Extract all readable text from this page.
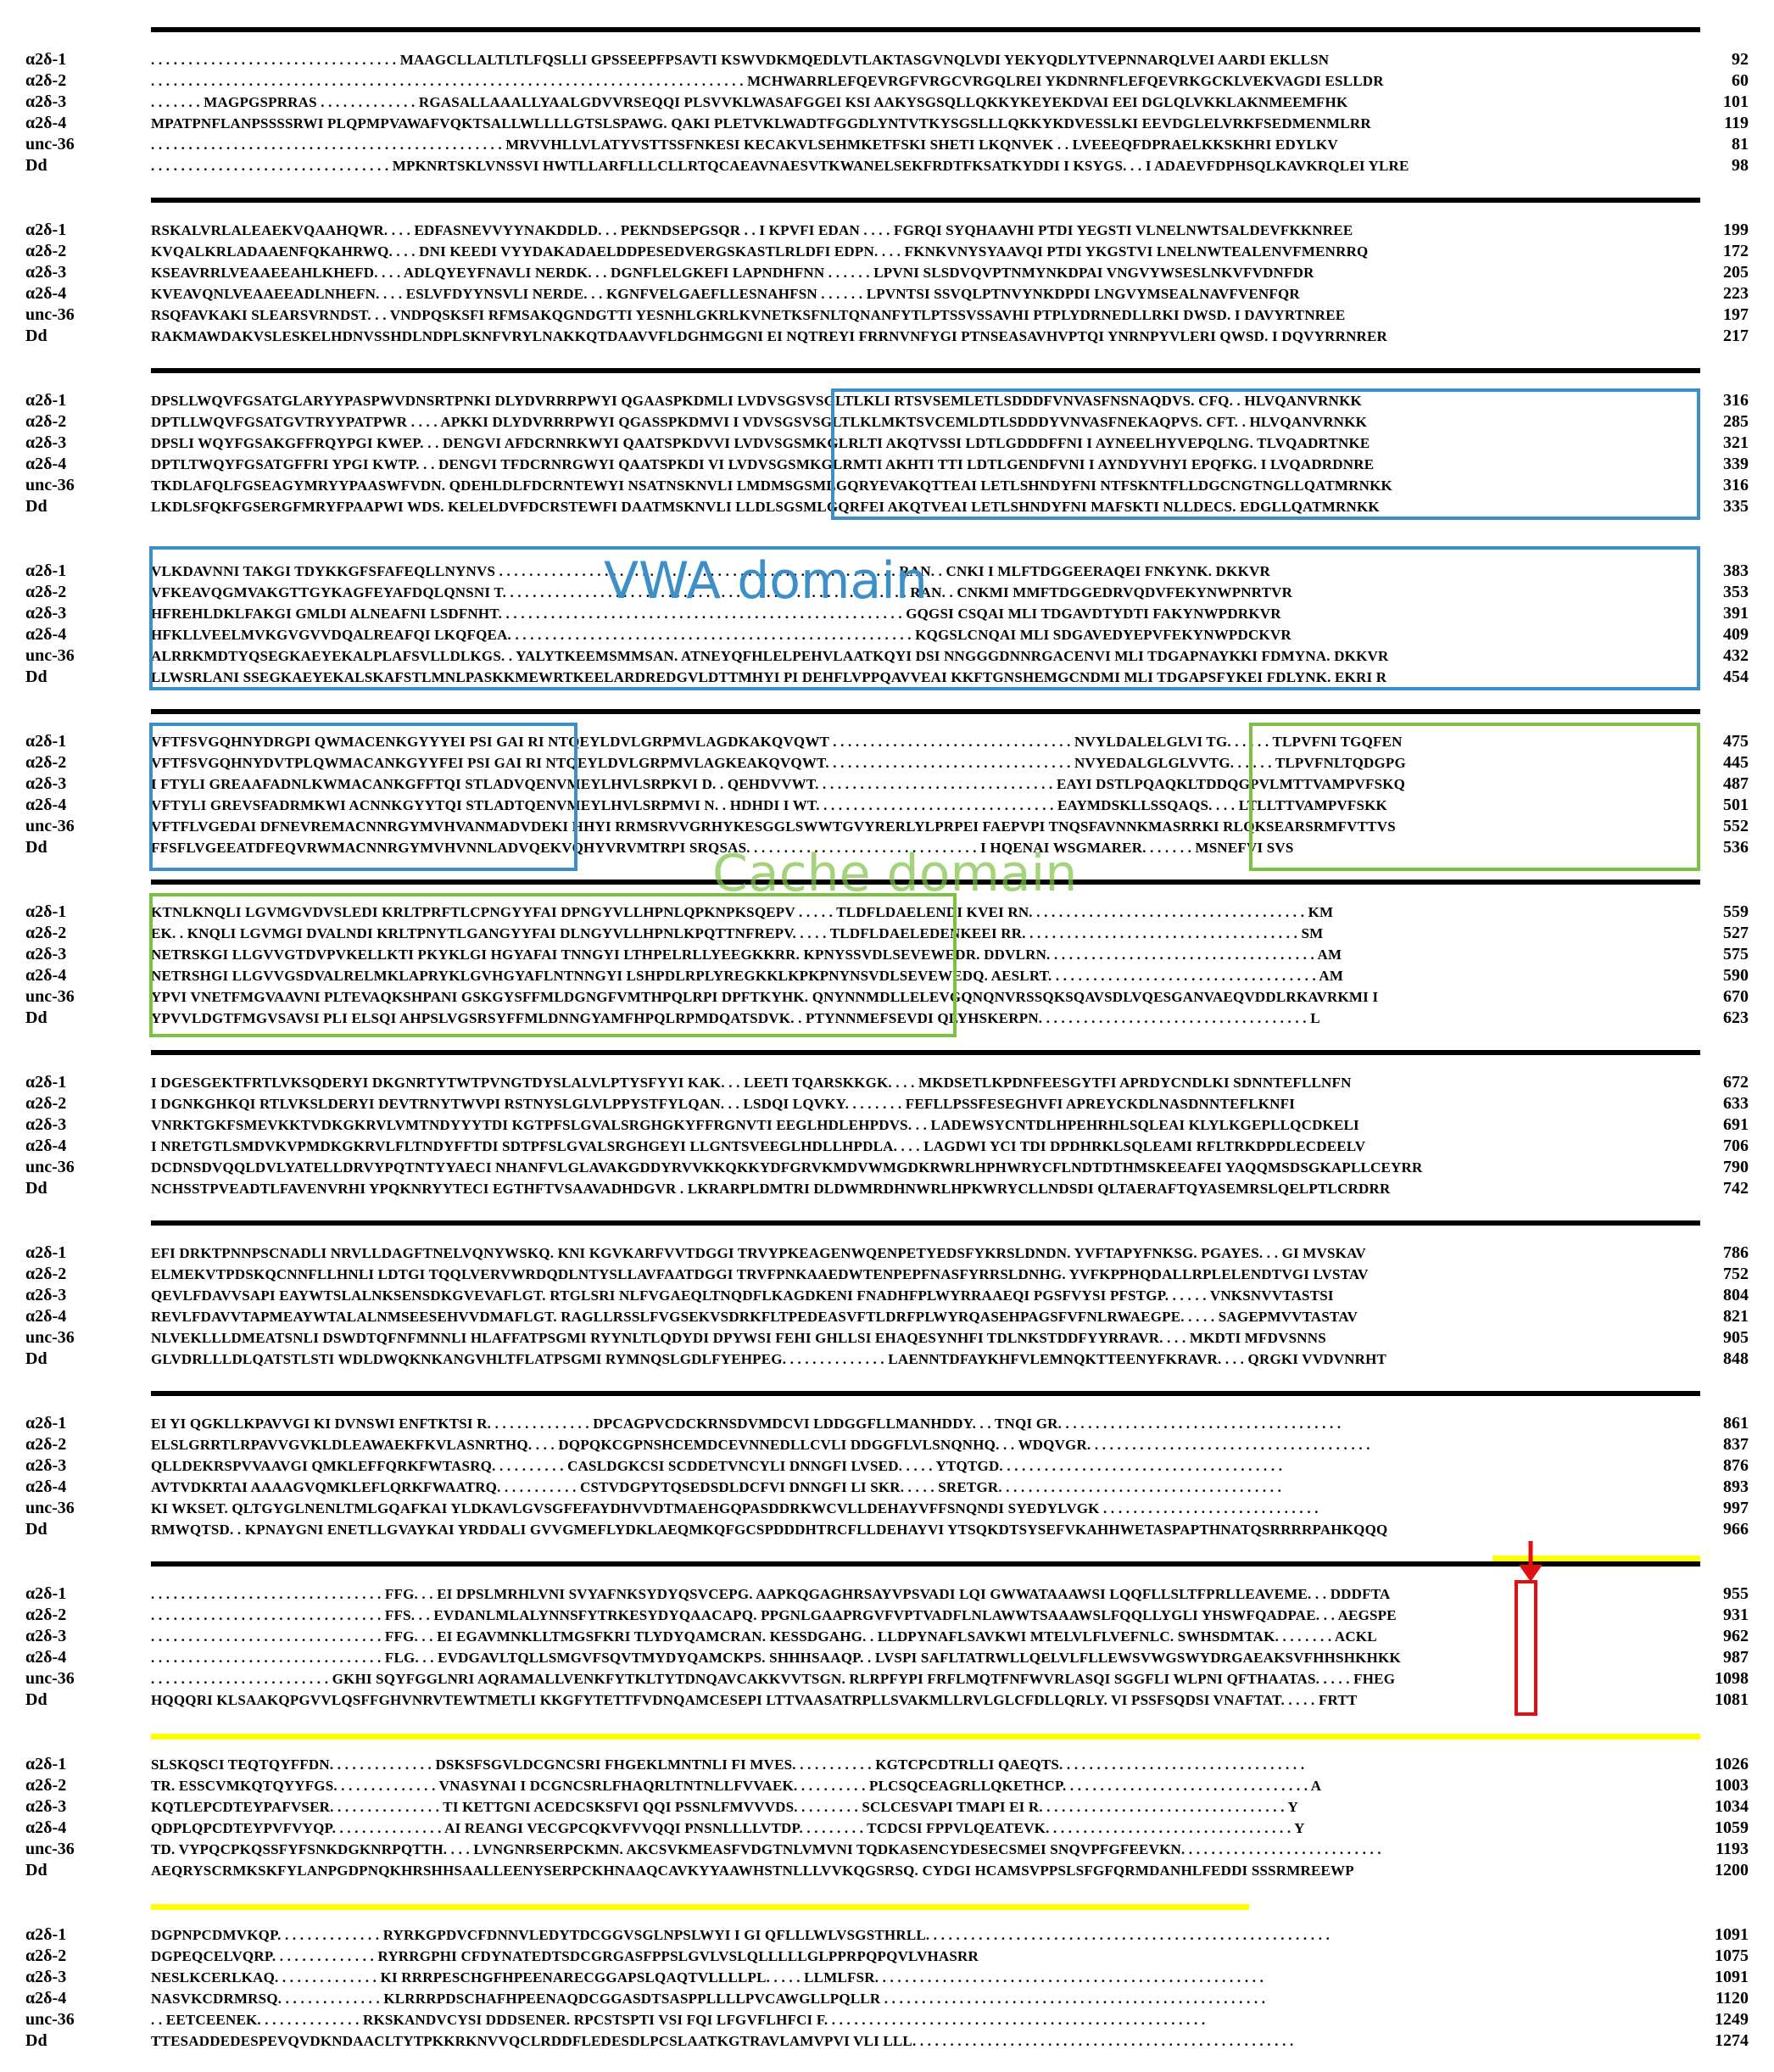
α2δ-1	. . . . . . . . . . . . . . . . . . . . . . . . . . . . . . . . . MAAGCLLALTLTLFQSLLI GPSSEEPFPSAVTI KSWVDKMQEDLVTLAKTASGVNQLVDI YEKYQDLYTVEPNNARQLVEI AARDI EKLLSN	92
α2δ-2	. . . . . . . . . . . . . . . . . . . . . . . . . . . . . . . . . . . . . . . . . . . . . . . . . . . . . . . . . . . . . . . . . . . . . . . . . . . . . . . MCHWARRLEFQEVRGFVRGCVRGQLREI YKDNRNFLEFQEVRKGCKLVEKVAGDI ESLLDR	60
α2δ-3	. . . . . . . MAGPGSPRRAS . . . . . . . . . . . . . RGASALLAAALLYAALGDVVRSEQQI PLSVVKLWASAFGGEI KSI AAKYSGSQLLQKKYKEYEKDVAI EEI DGLQLVKKLAKNMEEMFHK	101
α2δ-4	MPATPNFLANPSSSSRWI PLQPMPVAWAFVQKTSALLWLLLLGTSLSPAWG. QAKI PLETVKLWADTFGGDLYNTVTKYSGSLLLQKKYKDVESSLKI EEVDGLELVRKFSEDMENMLRR	119
unc-36	. . . . . . . . . . . . . . . . . . . . . . . . . . . . . . . . . . . . . . . . . . . . . . . MRVVHLLVLATYVSTTSSFNKESI KECAKVLSEHMKETFSKI SHETI LKQNVEK . . LVEEEQFDPRAELKKSKHRI EDYLKV	81
Dd	. . . . . . . . . . . . . . . . . . . . . . . . . . . . . . . . MPKNRTSKLVNSSVI HWTLLARFLLLCLLRTQCAEAVNAESVTKWANELSEKFRDTFKSATKYDDI I KSYGS. . . I ADAEVFDPHSQLKAVKRQLEI YLRE	98
α2δ-1	RSKALVRLALEAEKVQAAHQWR. . . . EDFASNEVVYYNAKDDLD. . . PEKNDSEPGSQR . . I KPVFI EDAN . . . . FGRQI SYQHAAVHI PTDI YEGSTI VLNELNWTSALDEVFKKNREE	199
α2δ-2	KVQALKRLADAAENFQKAHRWQ. . . . DNI KEEDI VYYDAKADAELDDPESEDVERGSKASTLRLDFI EDPN. . . . FKNKVNYSYAAVQI PTDI YKGSTVI LNELNWTEALENVFMENRRQ	172
α2δ-3	KSEAVRRLVEAAEEAHLKHEFD. . . . ADLQYEYFNAVLI NERDK. . . DGNFLELGKEFI LAPNDHFNN . . . . . . LPVNI SLSDVQVPTNMYNKDPAI VNGVYWSESLNKVFVDNFDR	205
α2δ-4	KVEAVQNLVEAAEEADLNHEFN. . . . ESLVFDYYNSVLI NERDE. . . KGNFVELGAEFLLESNAHFSN . . . . . . LPVNTSI SSVQLPTNVYNKDPDI LNGVYMSEALNAVFVENFQR	223
unc-36	RSQFAVKAKI SLEARSVRNDST. . . VNDPQSKSFI RFMSAKQGNDGTTI YESNHLGKRLKVNETKSFNLTQNANFYTLPTSSVSSAVHI PTPLYDRNEDLLRKI DWSD. I DAVYRTNREE	197
Dd	RAKMAWDAKVSLESKELHDNVSSHDLNDPLSKNFVRYLNAKKQTDAAVVFLDGHMGGNI EI NQTREYI FRRNVNFYGI PTNSEASAVHVPTQI YNRNPYVLERI QWSD. I DQVYRRNRER	217
α2δ-1	DPSLLWQVFGSATGLARYYPASPWVDNSRTPNKI DLYDVRRRPWYI QGAASPKDMLI LVDVSGSVSGLTLKLI RTSVSEMLETLSDDDFVNVASFNSNAQDVS. CFQ. . HLVQANVRNKK	316
α2δ-2	DPTLLWQVFGSATGVTRYYPATPWR . . . . APKKI DLYDVRRRPWYI QGASSPKDMVI I VDVSGSVSGLTLKLMKTSVCEMLDTLSDDDYVNVASFNEKAQPVS. CFT. . HLVQANVRNKK	285
α2δ-3	DPSLI WQYFGSAKGFFRQYPGI KWEP. . . DENGVI AFDCRNRKWYI QAATSPKDVVI LVDVSGSMKGLRLTI AKQTVSSI LDTLGDDDFFNI I AYNEELHYVEPQLNG. TLVQADRTNKE	321
α2δ-4	DPTLTWQYFGSATGFFRI YPGI KWTP. . . DENGVI TFDCRNRGWYI QAATSPKDI VI LVDVSGSMKGLRMTI AKHTI TTI LDTLGENDFVNI I AYNDYVHYI EPQFKG. I LVQADRDNRE	339
unc-36	TKDLAFQLFGSEAGYMRYYPAASWFVDN. QDEHLDLFDCRNTEWYI NSATNSKNVLI LMDMSGSMLGQRYEVAKQTTEAI LETLSHNDYFNI NTFSKNTFLLDGCNGTNGLLQATMRNKK	316
Dd	LKDLSFQKFGSERGFMRYFPAAPWI WDS. KELELDVFDCRSTEWFI DAATMSKNVLI LLDLSGSMLGQRFEI AKQTVEAI LETLSHNDYFNI MAFSKTI NLLDECS. EDGLLQATMRNKK	335
α2δ-1	VLKDAVNNI TAKGI TDYKKGFSFAFEQLLNYNVS . . . . . . . . . . . . . . . . . . . . . . . . . . . . . . . . . . . . . . . . . . . . . . . . . . . . . RAN. . CNKI I MLFTDGGEERAQEI FNKYNK. DKKVR	383
α2δ-2	VFKEAVQGMVAKGTTGYKAGFEYAFDQLQNSNI T. . . . . . . . . . . . . . . . . . . . . . . . . . . . . . . . . . . . . . . . . . . . . . . . . . . . . . RAN. . CNKMI MMFTDGGEDRVQDVFEKYNWPNRTVR	353
α2δ-3	HFREHLDKLFAKGI GMLDI ALNEAFNI LSDFNHT. . . . . . . . . . . . . . . . . . . . . . . . . . . . . . . . . . . . . . . . . . . . . . . . . . . . . . GQGSI CSQAI MLI TDGAVDTYDTI FAKYNWPDRKVR	391
α2δ-4	HFKLLVEELMVKGVGVVDQALREAFQI LKQFQEA. . . . . . . . . . . . . . . . . . . . . . . . . . . . . . . . . . . . . . . . . . . . . . . . . . . . . . KQGSLCNQAI MLI SDGAVEDYEPVFEKYNWPDCKVR	409
unc-36	ALRRKMDTYQSEGKAEYEKALPLAFSVLLDLKGS. . YALYTKEEMSMMSAN. ATNEYQFHLELPEHVLAATKQYI DSI NNGGGDNNRGACENVI MLI TDGAPNAYKKI FDMYNA. DKKVR	432
Dd	LLWSRLANI SSEGKAEYEKALSKAFSTLMNLPASKKMEWRTKEELARDREDGVLDTTMHYI PI DEHFLVPPQAVVEAI KKFTGNSHEMGCNDMI MLI TDGAPSFYKEI FDLYNK. EKRI R	454
α2δ-1	VFTFSVGQHNYDRGPI QWMACENKGYYYEI PSI GAI RI NTQEYLDVLGRPMVLAGDKAKQVQWT . . . . . . . . . . . . . . . . . . . . . . . . . . . . . . . . NVYLDALELGLVI TG. . . . . . TLPVFNI TGQFEN	475
α2δ-2	VFTFSVGQHNYDVTPLQWMACANKGYYFEI PSI GAI RI NTQEYLDVLGRPMVLAGKEAKQVQWT. . . . . . . . . . . . . . . . . . . . . . . . . . . . . . . . . NVYEDALGLGLVVTG. . . . . . TLPVFNLTQDGPG	445
α2δ-3	I FTYLI GREAAFADNLKWMACANKGFFTQI STLADVQENVMEYLHVLSRPKVI D. . QEHDVVWT. . . . . . . . . . . . . . . . . . . . . . . . . . . . . . . . EAYI DSTLPQAQKLTDDQGPVLMTTVAMPVFSKQ	487
α2δ-4	VFTYLI GREVSFADRMKWI ACNNKGYYTQI STLADTQENVMEYLHVLSRPMVI N. . HDHDI I WT. . . . . . . . . . . . . . . . . . . . . . . . . . . . . . . . EAYMDSKLLSSQAQS. . . . LTLLTTVAMPVFSKK	501
unc-36	VFTFLVGEDAI DFNEVREMACNNRGYMVHVANMADVDEKI HHYI RRMSRVVGRHYKESGGLSWWTGVYRERLYLPRPEI FAEPVPI TNQSFAVNNKMASRRKI RLQKSEARSRMFVTTVS	552
Dd	FFSFLVGEEATDFEQVRWMACNNRGYMVHVNNLADVQEKVQHYVRVMTRPI SRQSAS. . . . . . . . . . . . . . . . . . . . . . . . . . . . . . . I HQENAI WSGMARER. . . . . . . MSNEFVI SVS	536
α2δ-1	KTNLKNQLI LGVMGVDVSLEDI KRLTPRFTLCPNGYYFAI DPNGYVLLHPNLQPKNPKSQEPV . . . . . TLDFLDAELENDI KVEI RN. . . . . . . . . . . . . . . . . . . . . . . . . . . . . . . . . . . . . KM	559
α2δ-2	EK. . KNQLI LGVMGI DVALNDI KRLTPNYTLGANGYYFAI DLNGYVLLHPNLKPQTTNFREPV. . . . . TLDFLDAELEDENKEEI RR. . . . . . . . . . . . . . . . . . . . . . . . . . . . . . . . . . . . . SM	527
α2δ-3	NETRSKGI LLGVVGTDVPVKELLKTI PKYKLGI HGYAFAI TNNGYI LTHPELRLLYEEGKKRR. KPNYSSVDLSEVEWEDR. DDVLRN. . . . . . . . . . . . . . . . . . . . . . . . . . . . . . . . . . . . AM	575
α2δ-4	NETRSHGI LLGVVGSDVALRELMKLAPRYKLGVHGYAFLNTNNGYI LSHPDLRPLYREGKKLKPKPNYNSVDLSEVEWEDQ. AESLRT. . . . . . . . . . . . . . . . . . . . . . . . . . . . . . . . . . . . AM	590
unc-36	YPVI VNETFMGVAAVNI PLTEVAQKSHPANI GSKGYSFFMLDGNGFVMTHPQLRPI DPFTKYHK. QNYNNMDLLELEVGQNQNVRSSQKSQAVSDLVQESGANVAEQVDDLRKAVRKMI I	670
Dd	YPVVLDGTFMGVSAVSI PLI ELSQI AHPSLVGSRSYFFMLDNNGYAMFHPQLRPMDQATSDVK. . PTYNNMEFSEVDI QLYHSKERPN. . . . . . . . . . . . . . . . . . . . . . . . . . . . . . . . . . . . L	623
α2δ-1	I DGESGEKTFRTLVKSQDERYI DKGNRTYTWTPVNGTDYSLALVLPTYSFYYI KAK. . . LEETI TQARSKKGK. . . . MKDSETLKPDNFEESGYTFI APRDYCNDLKI SDNNTEFLLNFN	672
α2δ-2	I DGNKGHKQI RTLVKSLDERYI DEVTRNYTWVPI RSTNYSLGLVLPPYSTFYLQAN. . . LSDQI LQVKY. . . . . . . . FEFLLPSSFESEGHVFI APREYCKDLNASDNNTEFLKNFI	633
α2δ-3	VNRKTGKFSMEVKKTVDKGKRVLVMTNDYYYTDI KGTPFSLGVALSRGHGKYFFRGNVTI EEGLHDLEHPDVS. . . LADEWSYCNTDLHPEHRHLSQLEAI KLYLKGEPLLQCDKELI	691
α2δ-4	I NRETGTLSMDVKVPMDKGKRVLFLTNDYFFTDI SDTPFSLGVALSRGHGEYI LLGNTSVEEGLHDLLHPDLA. . . . LAGDWI YCI TDI DPDHRKLSQLEAMI RFLTRKDPDLECDEELV	706
unc-36	DCDNSDVQQLDVLYATELLDRVYPQTNTYYAECI NHANFVLGLAVAKGDDYRVVKKQKKYDFGRVKMDVWMGDKRWRLHPHWRYCFLNDTDTHMSKEEAFEI YAQQMSDSGKAPLLCEYRR	790
Dd	NCHSSTPVEADTLFAVENVRHI YPQKNRYYTECI EGTHFTVSAAVADHDGVR . LKRARPLDMTRI DLDWMRDHNWRLHPKWRYCLLNDSDI QLTAERAFTQYASEMRSLQELPTLCRDRR	742
α2δ-1	EFI DRKTPNNPSCNADLI NRVLLDAGFTNELVQNYWSKQ. KNI KGVKARFVVTDGGI TRVYPKEAGENWQENPETYEDSFYKRSLDNDN. YVFTAPYFNKSG. PGAYES. . . GI MVSKAV	786
α2δ-2	ELMEKVTPDSKQCNNFLLHNLI LDTGI TQQLVERVWRDQDLNTYSLLAVFAATDGGI TRVFPNKAAEDWTENPEPFNASFYRRSLDNHG. YVFKPPHQDALLRPLELENDTVGI LVSTAV	752
α2δ-3	QEVLFDAVVSAPI EAYWTSLALNKSENSDKGVEVAFLGT. RTGLSRI NLFVGAEQLTNQDFLKAGDKENI FNADHFPLWYRRAAEQI PGSFVYSI PFSTGP. . . . . . VNKSNVVTASTSI	804
α2δ-4	REVLFDAVVTAPMEAYWTALALNMSEESEHVVDMAFLGT. RAGLLRSSLFVGSEKVSDRKFLTPEDEASVFTLDRFPLWYRQASEHPAGSFVFNLRWAEGPE. . . . . SAGEPMVVTASTAV	821
unc-36	NLVEKLLLDMEATSNLI DSWDTQFNFMNNLI HLAFFATPSGMI RYYNLTLQDYDI DPYWSI FEHI GHLLSI EHAQESYNHFI TDLNKSTDDFYYRRAVR. . . . MKDTI MFDVSNNS	905
Dd	GLVDRLLLDLQATSTLSTI WDLDWQKNKANGVHLTFLATPSGMI RYMNQSLGDLFYEHPEG. . . . . . . . . . . . . . LAENNTDFAYKHFVLEMNQKTTEENYFKRAVR. . . . QRGKI VVDVNRHT	848
α2δ-1	EI YI QGKLLKPAVVGI KI DVNSWI ENFTKTSI R. . . . . . . . . . . . . . DPCAGPVCDCKRNSDVMDCVI LDDGGFLLMANHDDY. . . TNQI GR. . . . . . . . . . . . . . . . . . . . . . . . . . . . . . . . . . . . . .	861
α2δ-2	ELSLGRRTLRPAVVGVKLDLEAWAEKFKVLASNRTHQ. . . . DQPQKCGPNSHCEMDCEVNNEDLLCVLI DDGGFLVLSNQNHQ. . . WDQVGR. . . . . . . . . . . . . . . . . . . . . . . . . . . . . . . . . . . . . .	837
α2δ-3	QLLDEKRSPVVAAVGI QMKLEFFQRKFWTASRQ. . . . . . . . . . CASLDGKCSI SCDDETVNCYLI DNNGFI LVSED. . . . . YTQTGD. . . . . . . . . . . . . . . . . . . . . . . . . . . . . . . . . . . . . .	876
α2δ-4	AVTVDKRTAI AAAAGVQMKLEFLQRKFWAATRQ. . . . . . . . . . . CSTVDGPYTQSEDSDLDCFVI DNNGFI LI SKR. . . . . SRETGR. . . . . . . . . . . . . . . . . . . . . . . . . . . . . . . . . . . . . .	893
unc-36	KI WKSET. QLTGYGLNENLTMLGQAFKAI YLDKAVLGVSGFEFAYDHVVDTMAEHGQPASDDRKWCVLLDEHAYVFFSNQNDI SYEDYLVGK . . . . . . . . . . . . . . . . . . . . . . . . . . . . .	997
Dd	RMWQTSD. . KPNAYGNI ENETLLGVAYKAI YRDDALI GVVGMEFLYDKLAEQMKQFGCSPDDDHTRCFLLDEHAYVI YTSQKDTSYSEFVKAHHWETASPAPTHNATQSRRRRPAHKQQQ	966
α2δ-1	. . . . . . . . . . . . . . . . . . . . . . . . . . . . . . . FFG. . . EI DPSLMRHLVNI SVYAFNKSYDYQSVCEPG. AAPKQGAGHRSAYVPSVADI LQI GWWATAAAWSI LQQFLLSLTFPRLLEAVEME. . . DDDFTA	955
α2δ-2	. . . . . . . . . . . . . . . . . . . . . . . . . . . . . . . FFS. . . EVDANLMLALYNNSFYTRKESYDYQAACAPQ. PPGNLGAAPRGVFVPTVADFLNLAWWTSAAAWSLFQQLLYGLI YHSWFQADPAE. . . AEGSPE	931
α2δ-3	. . . . . . . . . . . . . . . . . . . . . . . . . . . . . . . FFG. . . EI EGAVMNKLLTMGSFKRI TLYDYQAMCRAN. KESSDGAHG. . LLDPYNAFLSAVKWI MTELVLFLVEFNLC. SWHSDMTAK. . . . . . . . ACKL	962
α2δ-4	. . . . . . . . . . . . . . . . . . . . . . . . . . . . . . . FLG. . . EVDGAVLTQLLSMGVFSQVTMYDYQAMCKPS. SHHHSAAQP. . LVSPI SAFLTATRWLLQELVLFLLEWSVWGSWYDRGAEAKSVFHHSHKHKK	987
unc-36	. . . . . . . . . . . . . . . . . . . . . . . . GKHI SQYFGGLNRI AQRAMALLVENKFYTKLTYTDNQAVCAKKVVTSGN. RLRPFYPI FRFLMQTFNFWVRLASQI SGGFLI WLPNI QFTHAATAS. . . . . FHEG	1098
Dd	HQQQRI KLSAAKQPGVVLQSFFGHVNRVTEWTMETLI KKGFYTETTFVDNQAMCESEPI LTTVAASATRPLLSVAKMLLRVLGLCFDLLQRLY. VI PSSFSQDSI VNAFTAT. . . . . FRTT	1081
α2δ-1	SLSKQSCI TEQTQYFFDN. . . . . . . . . . . . . . DSKSFSGVLDCGNCSRI FHGEKLMNTNLI FI MVES. . . . . . . . . . . KGTCPCDTRLLI QAEQTS. . . . . . . . . . . . . . . . . . . . . . . . . . . . . . . . .	1026
α2δ-2	TR. ESSCVMKQTQYYFGS. . . . . . . . . . . . . . VNASYNAI I DCGNCSRLFHAQRLTNTNLLFVVAEK. . . . . . . . . . PLCSQCEAGRLLQKETHCP. . . . . . . . . . . . . . . . . . . . . . . . . . . . . . . . . A	1003
α2δ-3	KQTLEPCDTEYPAFVSER. . . . . . . . . . . . . . . TI KETTGNI ACEDCSKSFVI QQI PSSNLFMVVVDS. . . . . . . . . SCLCESVAPI TMAPI EI R. . . . . . . . . . . . . . . . . . . . . . . . . . . . . . . . . Y	1034
α2δ-4	QDPLQPCDTEYPVFVYQP. . . . . . . . . . . . . . . AI REANGI VECGPCQKVFVVQQI PNSNLLLLVTDP. . . . . . . . . TCDCSI FPPVLQEATEVK. . . . . . . . . . . . . . . . . . . . . . . . . . . . . . . . . Y	1059
unc-36	TD. VYPQCPKQSSFYFSNKDGKNRPQTTH. . . . LVNGNRSERPCKMN. AKCSVKMEASFVDGTNLVMVNI TQDKASENCYDESECSMEI SNQVPFGFEEVKN. . . . . . . . . . . . . . . . . . . . . . . . . . .	1193
Dd	AEQRYSCRMKSKFYLANPGDPNQKHRSHHSAALLEENYSERPCKHNAAQCAVKYYAAWHSTNLLLVVKQGSRSQ. CYDGI HCAMSVPPSLSFGFQRMDANHLFEDDI SSSRMREEWP	1200
α2δ-1	DGPNPCDMVKQP. . . . . . . . . . . . . . RYRKGPDVCFDNNVLEDYTDCGGVSGLNPSLWYI I GI QFLLLWLVSGSTHRLL. . . . . . . . . . . . . . . . . . . . . . . . . . . . . . . . . . . . . . . . . . . . . . . . . . . . . .	1091
α2δ-2	DGPEQCELVQRP. . . . . . . . . . . . . . RYRRGPHI CFDYNATEDTSDCGRGASFPPSLGVLVSLQLLLLLGLPPRPQPQVLVHASRR	1075
α2δ-3	NESLKCERLKAQ. . . . . . . . . . . . . . KI RRRPESCHGFHPEENARECGGAPSLQAQTVLLLLPL. . . . . LLMLFSR. . . . . . . . . . . . . . . . . . . . . . . . . . . . . . . . . . . . . . . . . . . . . . . . . . . .	1091
α2δ-4	NASVKCDRMRSQ. . . . . . . . . . . . . . KLRRRPDSCHAFHPEENAQDCGGASDTSASPPLLLLPVCAWGLLPQLLR . . . . . . . . . . . . . . . . . . . . . . . . . . . . . . . . . . . . . . . . . . . . . . . . . . .	1120
unc-36	. . EETCEENEK. . . . . . . . . . . . . . RKSKANDVCYSI DDDSENER. RPCSTSPTI VSI FQI LFGVFLHFCI F. . . . . . . . . . . . . . . . . . . . . . . . . . . . . . . . . . . . . . . . . . . . . . . . . . .	1249
Dd	TTESADDEDESPEVQVDKNDAACLTYTPKKRKNVVQCLRDDFLEDESDLPCSLAATKGTRAVLAMVPVI VLI LLL. . . . . . . . . . . . . . . . . . . . . . . . . . . . . . . . . . . . . . . . . . . . . . . . . . .	1274
VWA domain
Cache domain
